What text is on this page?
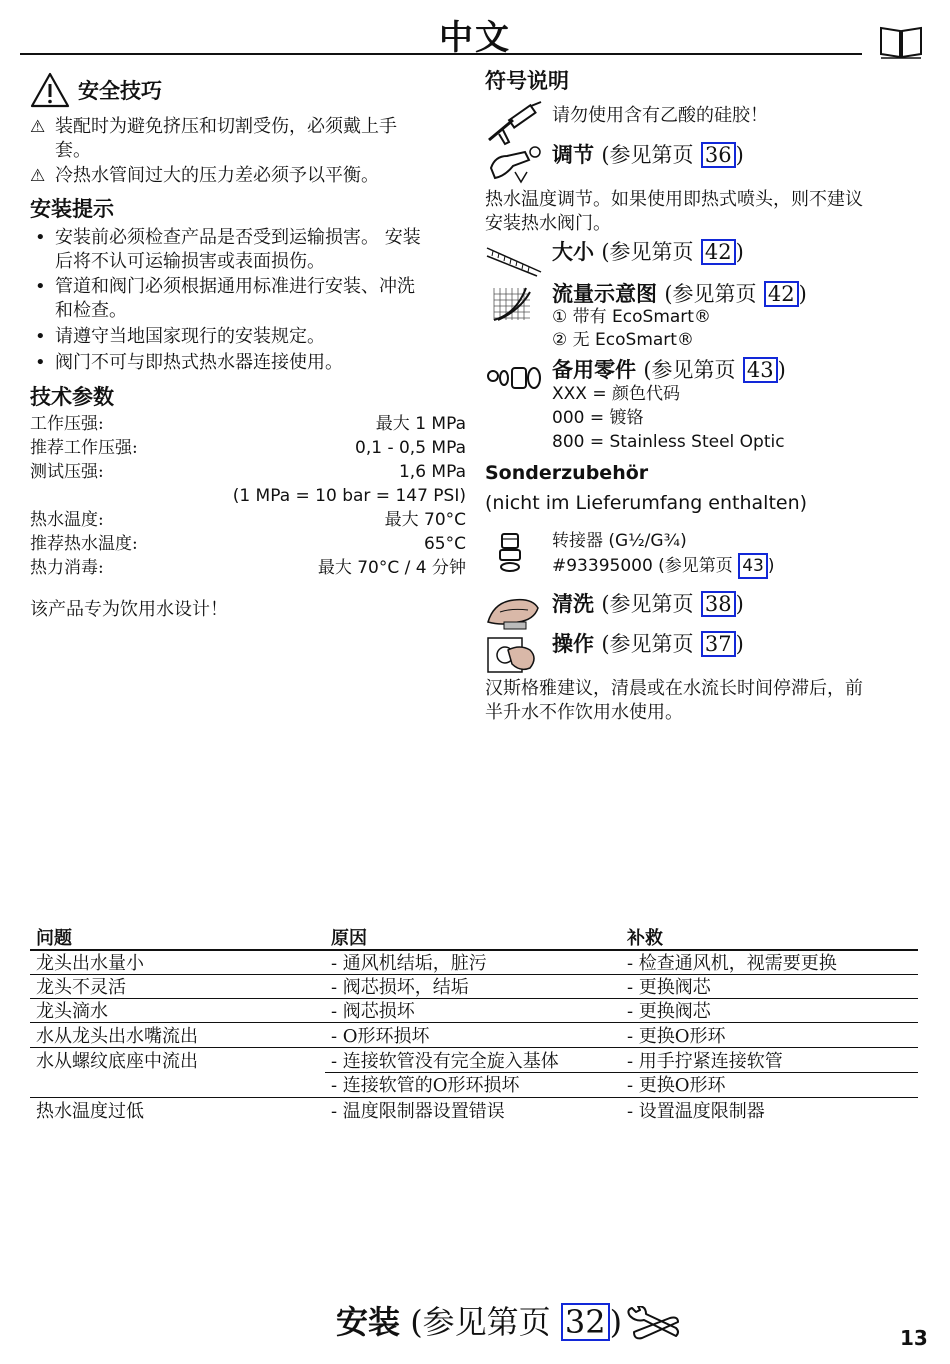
中文
安全技巧
⚠ 装配时为避免挤压和切割受伤，必须戴上手
套。
⚠ 冷热水管间过大的压力差必须予以平衡。
安装提示
• 安装前必须检查产品是否受到运输损害。 安装
后将不认可运输损害或表面损伤。
• 管道和阀门必须根据通用标准进行安装、冲洗
和检查。
• 请遵守当地国家现行的安装规定。
• 阀门不可与即热式热水器连接使用。
技术参数
工作压强:	最大 1 MPa
推荐工作压强:	0,1 - 0,5 MPa
测试压强:	1,6 MPa
(1 MPa = 10 bar = 147 PSI)
热水温度:	最大 70°C
推荐热水温度:	65°C
热力消毒:	最大 70°C / 4 分钟
该产品专为饮用水设计！
符号说明
请勿使用含有乙酸的硅胶！
调节 (参见第页 36 )
热水温度调节。如果使用即热式喷头，则不建议
安装热水阀门。
大小 (参见第页 42 )
流量示意图 (参见第页 42 )
① 带有 EcoSmart®
② 无 EcoSmart®
备用零件 (参见第页 43 )
XXX = 颜色代码
000 = 镀铬
800 = Stainless Steel Optic
Sonderzubehör
(nicht im Lieferumfang enthalten)
转接器 (G½/G¾)
#93395000 (参见第页 43 )
清洗 (参见第页 38 )
操作 (参见第页 37 )
汉斯格雅建议，清晨或在水流长时间停滞后，前
半升水不作饮用水使用。
问题	原因	补救
龙头出水量小	- 通风机结垢，脏污	- 检查通风机，视需要更换
龙头不灵活	- 阀芯损坏，结垢	- 更换阀芯
龙头滴水	- 阀芯损坏	- 更换阀芯
水从龙头出水嘴流出	- O形环损坏	- 更换O形环
水从螺纹底座中流出	- 连接软管没有完全旋入基体	- 用手拧紧连接软管
- 连接软管的O形环损坏	- 更换O形环
热水温度过低	- 温度限制器设置错误	- 设置温度限制器
安装 (参见第页 32 )	13
